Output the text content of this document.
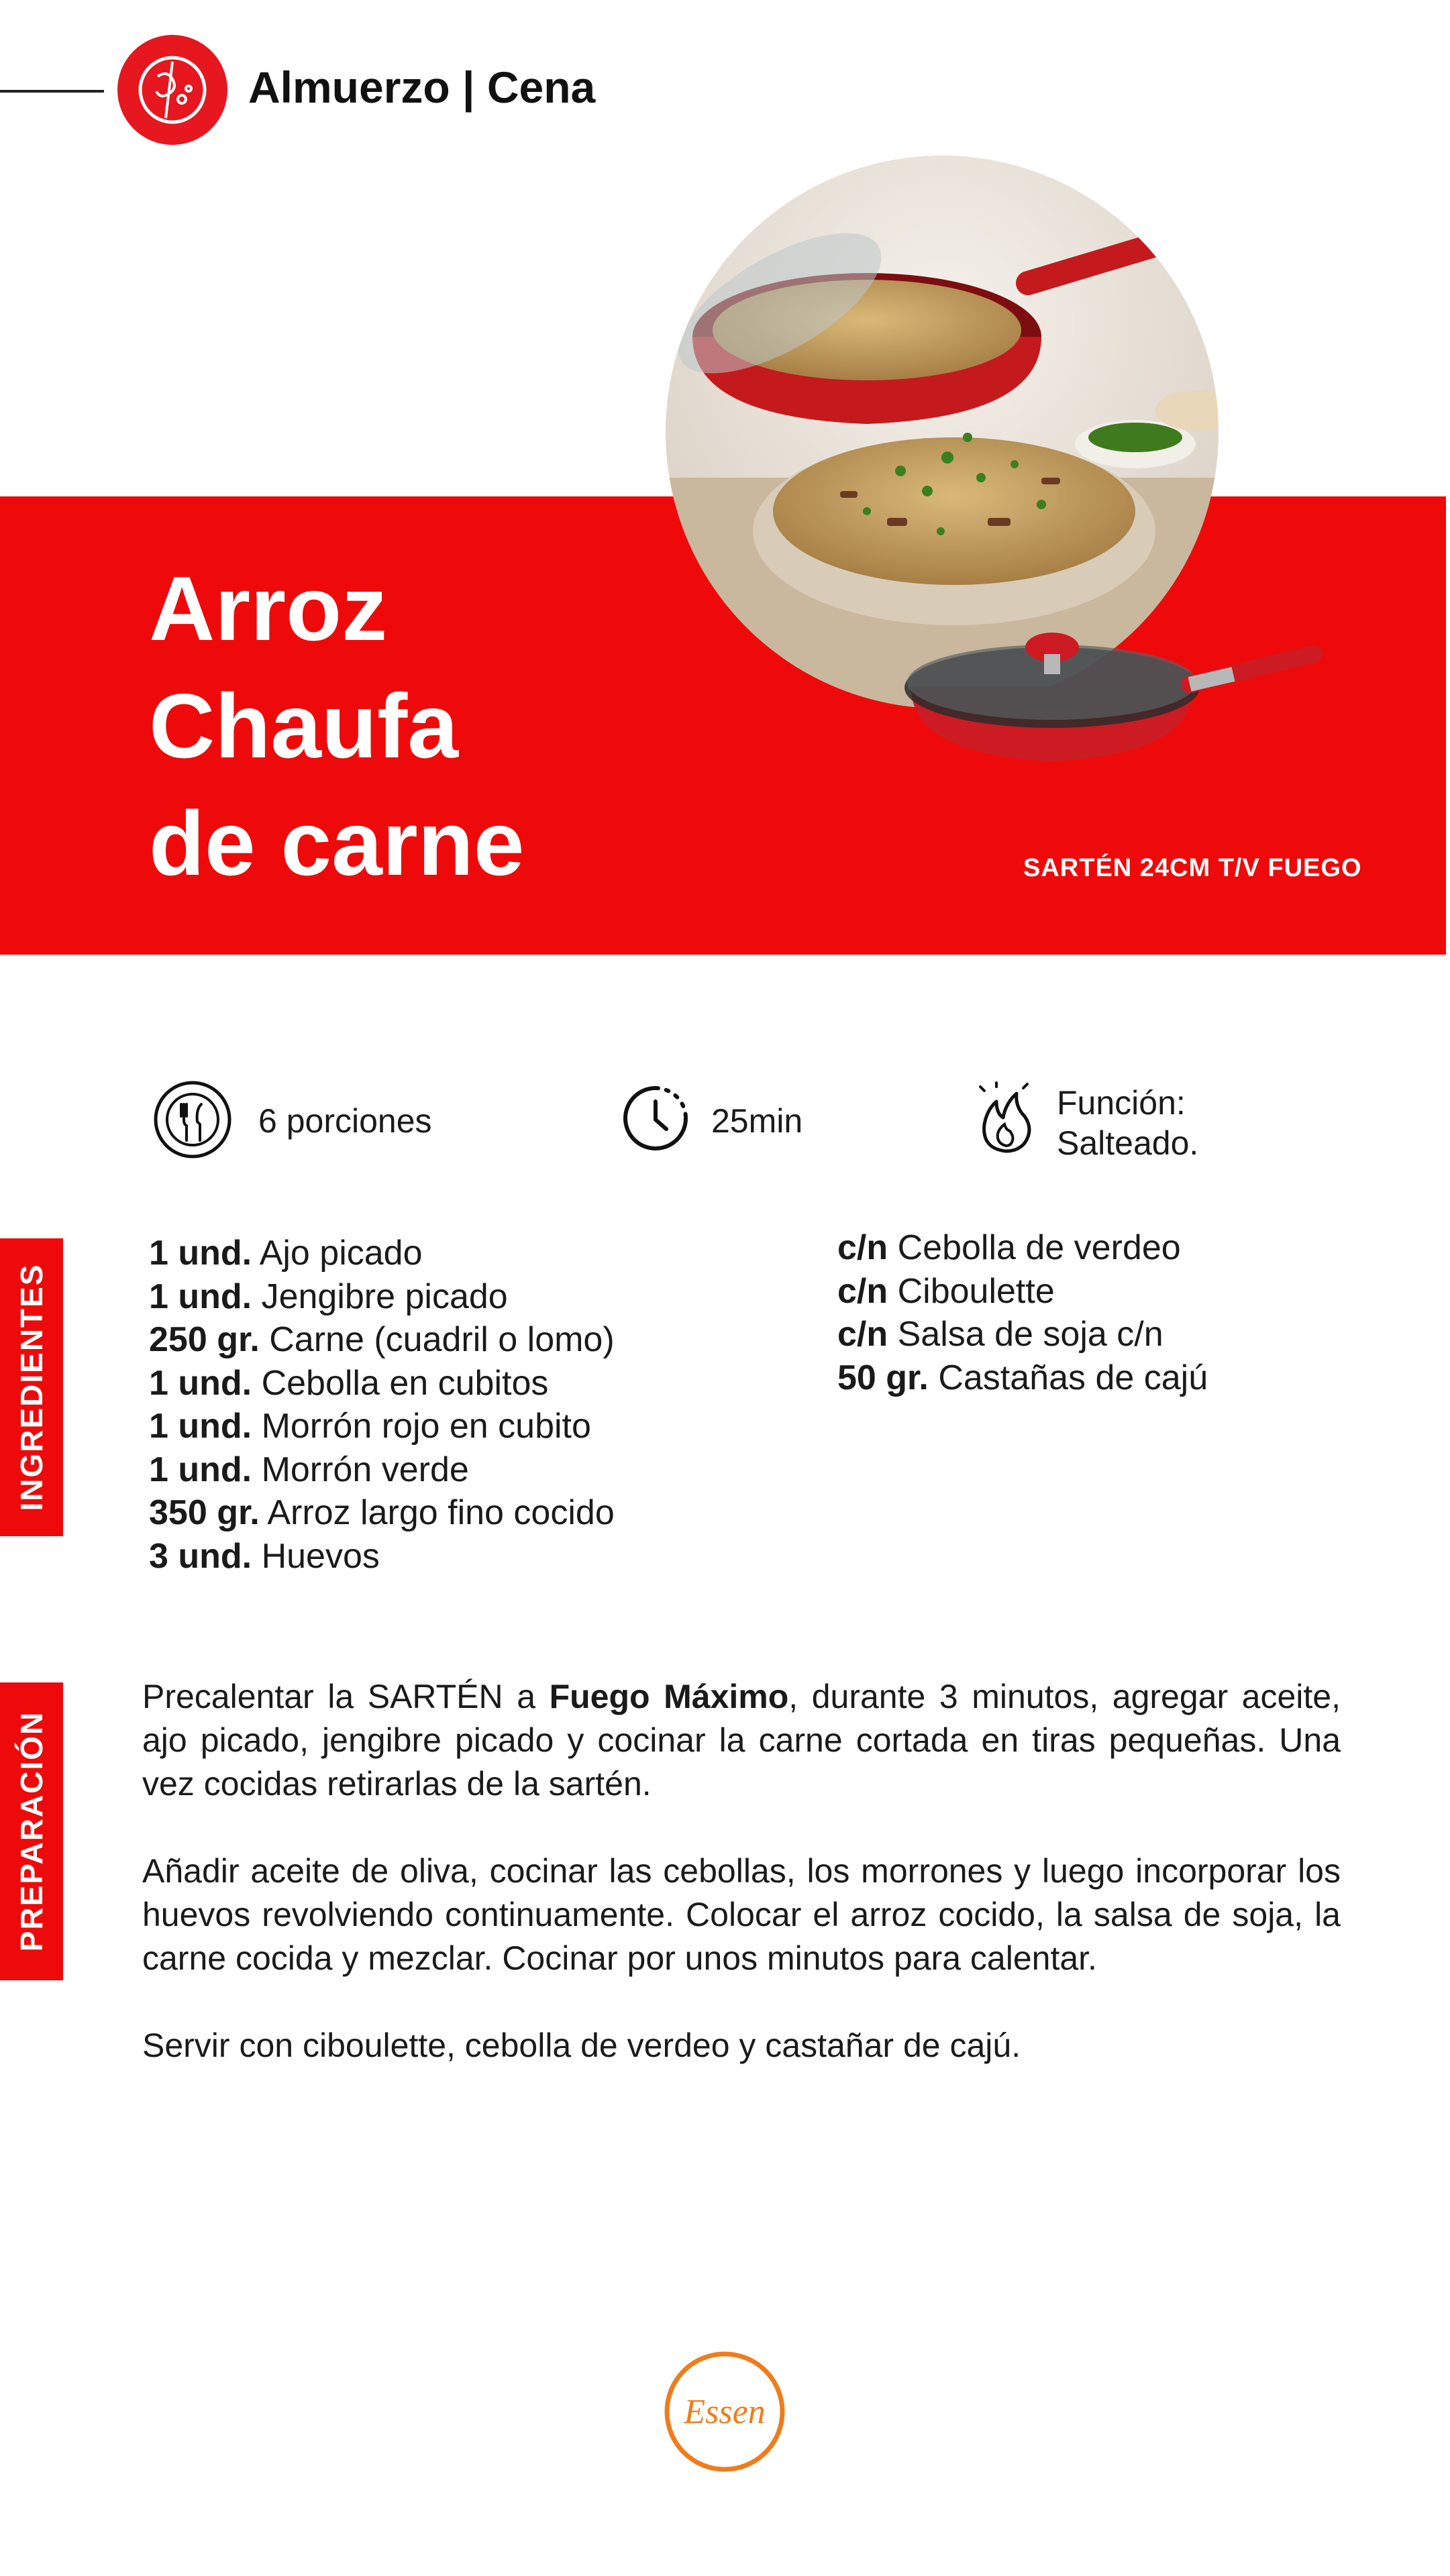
Almuerzo | Cena
Arroz
Chaufa
de carne	SARTÉN 24CM T/V FUEGO
6 porciones	25min	Función:
Salteado.
INGREDIENTES
PREPARACIÓN
1 und. Ajo picado
1 und. Jengibre picado
250 gr. Carne (cuadril o lomo)
1 und. Cebolla en cubitos
1 und. Morrón rojo en cubito
1 und. Morrón verde
350 gr. Arroz largo fino cocido
3 und. Huevos
c/n Cebolla de verdeo
c/n Ciboulette
c/n Salsa de soja c/n
50 gr. Castañas de cajú

Precalentar la SARTÉN a Fuego Máximo, durante 3 minutos, agregar aceite, ajo picado, jengibre picado y cocinar la carne cortada en tiras pequeñas. Una vez cocidas retirarlas de la sartén.

Añadir aceite de oliva, cocinar las cebollas, los morrones y luego incorporar los huevos revolviendo continuamente. Colocar el arroz cocido, la salsa de soja, la carne cocida y mezclar. Cocinar por unos minutos para calentar.

Servir con ciboulette, cebolla de verdeo y castañar de cajú.

Essen
